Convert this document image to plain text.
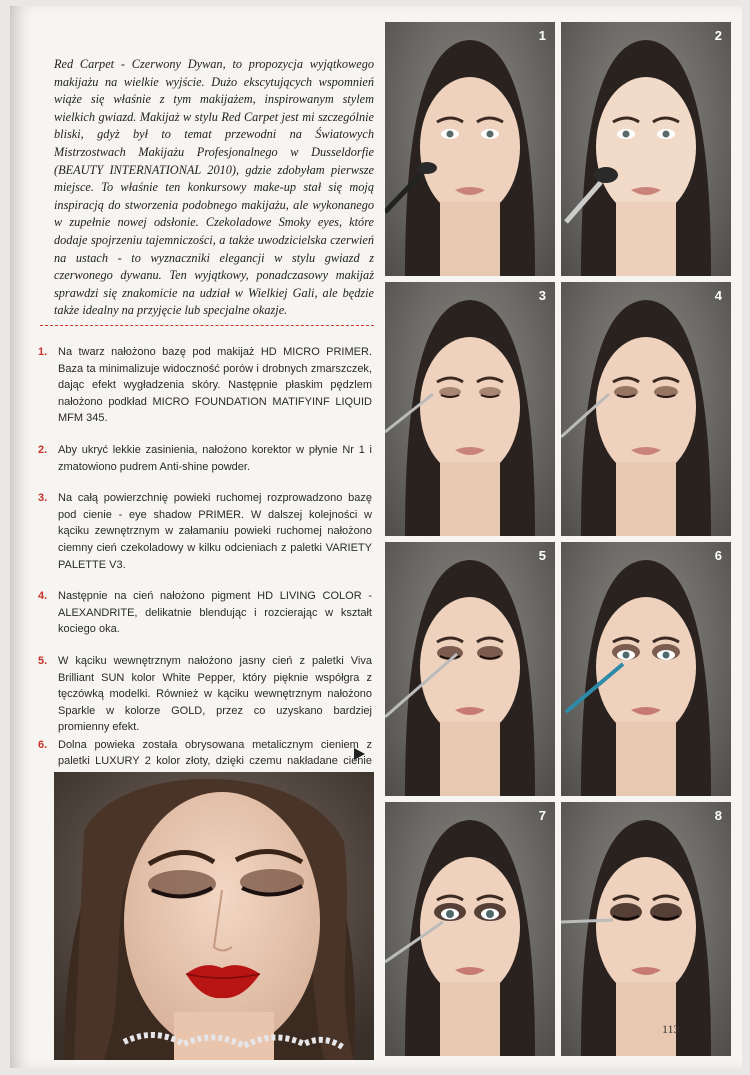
Red Carpet - Czerwony Dywan, to propozycja wyjątkowego makijażu na wielkie wyjście. Dużo ekscytujących wspomnień wiąże się właśnie z tym makijażem, inspirowanym stylem wielkich gwiazd. Makijaż w stylu Red Carpet jest mi szczególnie bliski, gdyż był to temat przewodni na Światowych Mistrzostwach Makijażu Profesjonalnego w Dusseldorfie (BEAUTY INTERNATIONAL 2010), gdzie zdobyłam pierwsze miejsce. To właśnie ten konkursowy make-up stał się moją inspiracją do stworzenia podobnego makijażu, ale wykonanego w zupełnie nowej odsłonie. Czekoladowe Smoky eyes, które dodaje spojrzeniu tajemniczości, a także uwodzicielska czerwień na ustach - to wyznaczniki elegancji w stylu gwiazd z czerwonego dywanu. Ten wyjątkowy, ponadczasowy makijaż sprawdzi się znakomicie na udział w Wielkiej Gali, ale będzie także idealny na przyjęcie lub specjalne okazje.
1. Na twarz nałożono bazę pod makijaż HD MICRO PRIMER. Baza ta minimalizuje widoczność porów i drobnych zmarszczek, dając efekt wygładzenia skóry. Następnie płaskim pędzlem nałożono podkład MICRO FOUNDATION MATIFYINF LIQUID MFM 345.
2. Aby ukryć lekkie zasinienia, nałożono korektor w płynie Nr 1 i zmatowiono pudrem Anti-shine powder.
3. Na całą powierzchnię powieki ruchomej rozprowadzono bazę pod cienie - eye shadow PRIMER. W dalszej kolejności w kąciku zewnętrznym w załamaniu powieki ruchomej nałożono ciemny cień czekoladowy w kilku odcieniach z paletki VARIETY PALETTE V3.
4. Następnie na cień nałożono pigment HD LIVING COLOR - ALEXANDRITE, delikatnie blendując i rozcierając w kształt kociego oka.
5. W kąciku wewnętrznym nałożono jasny cień z paletki Viva Brilliant SUN kolor White Pepper, który pięknie współgra z tęczówką modelki. Również w kąciku wewnętrznym nałożono Sparkle w kolorze GOLD, przez co uzyskano bardziej promienny efekt.
6. Dolna powieka została obrysowana metalicznym cieniem z paletki LUXURY 2 kolor złoty, dzięki czemu nakładane cienie
1	2
3	4
5	6
7	8
113
